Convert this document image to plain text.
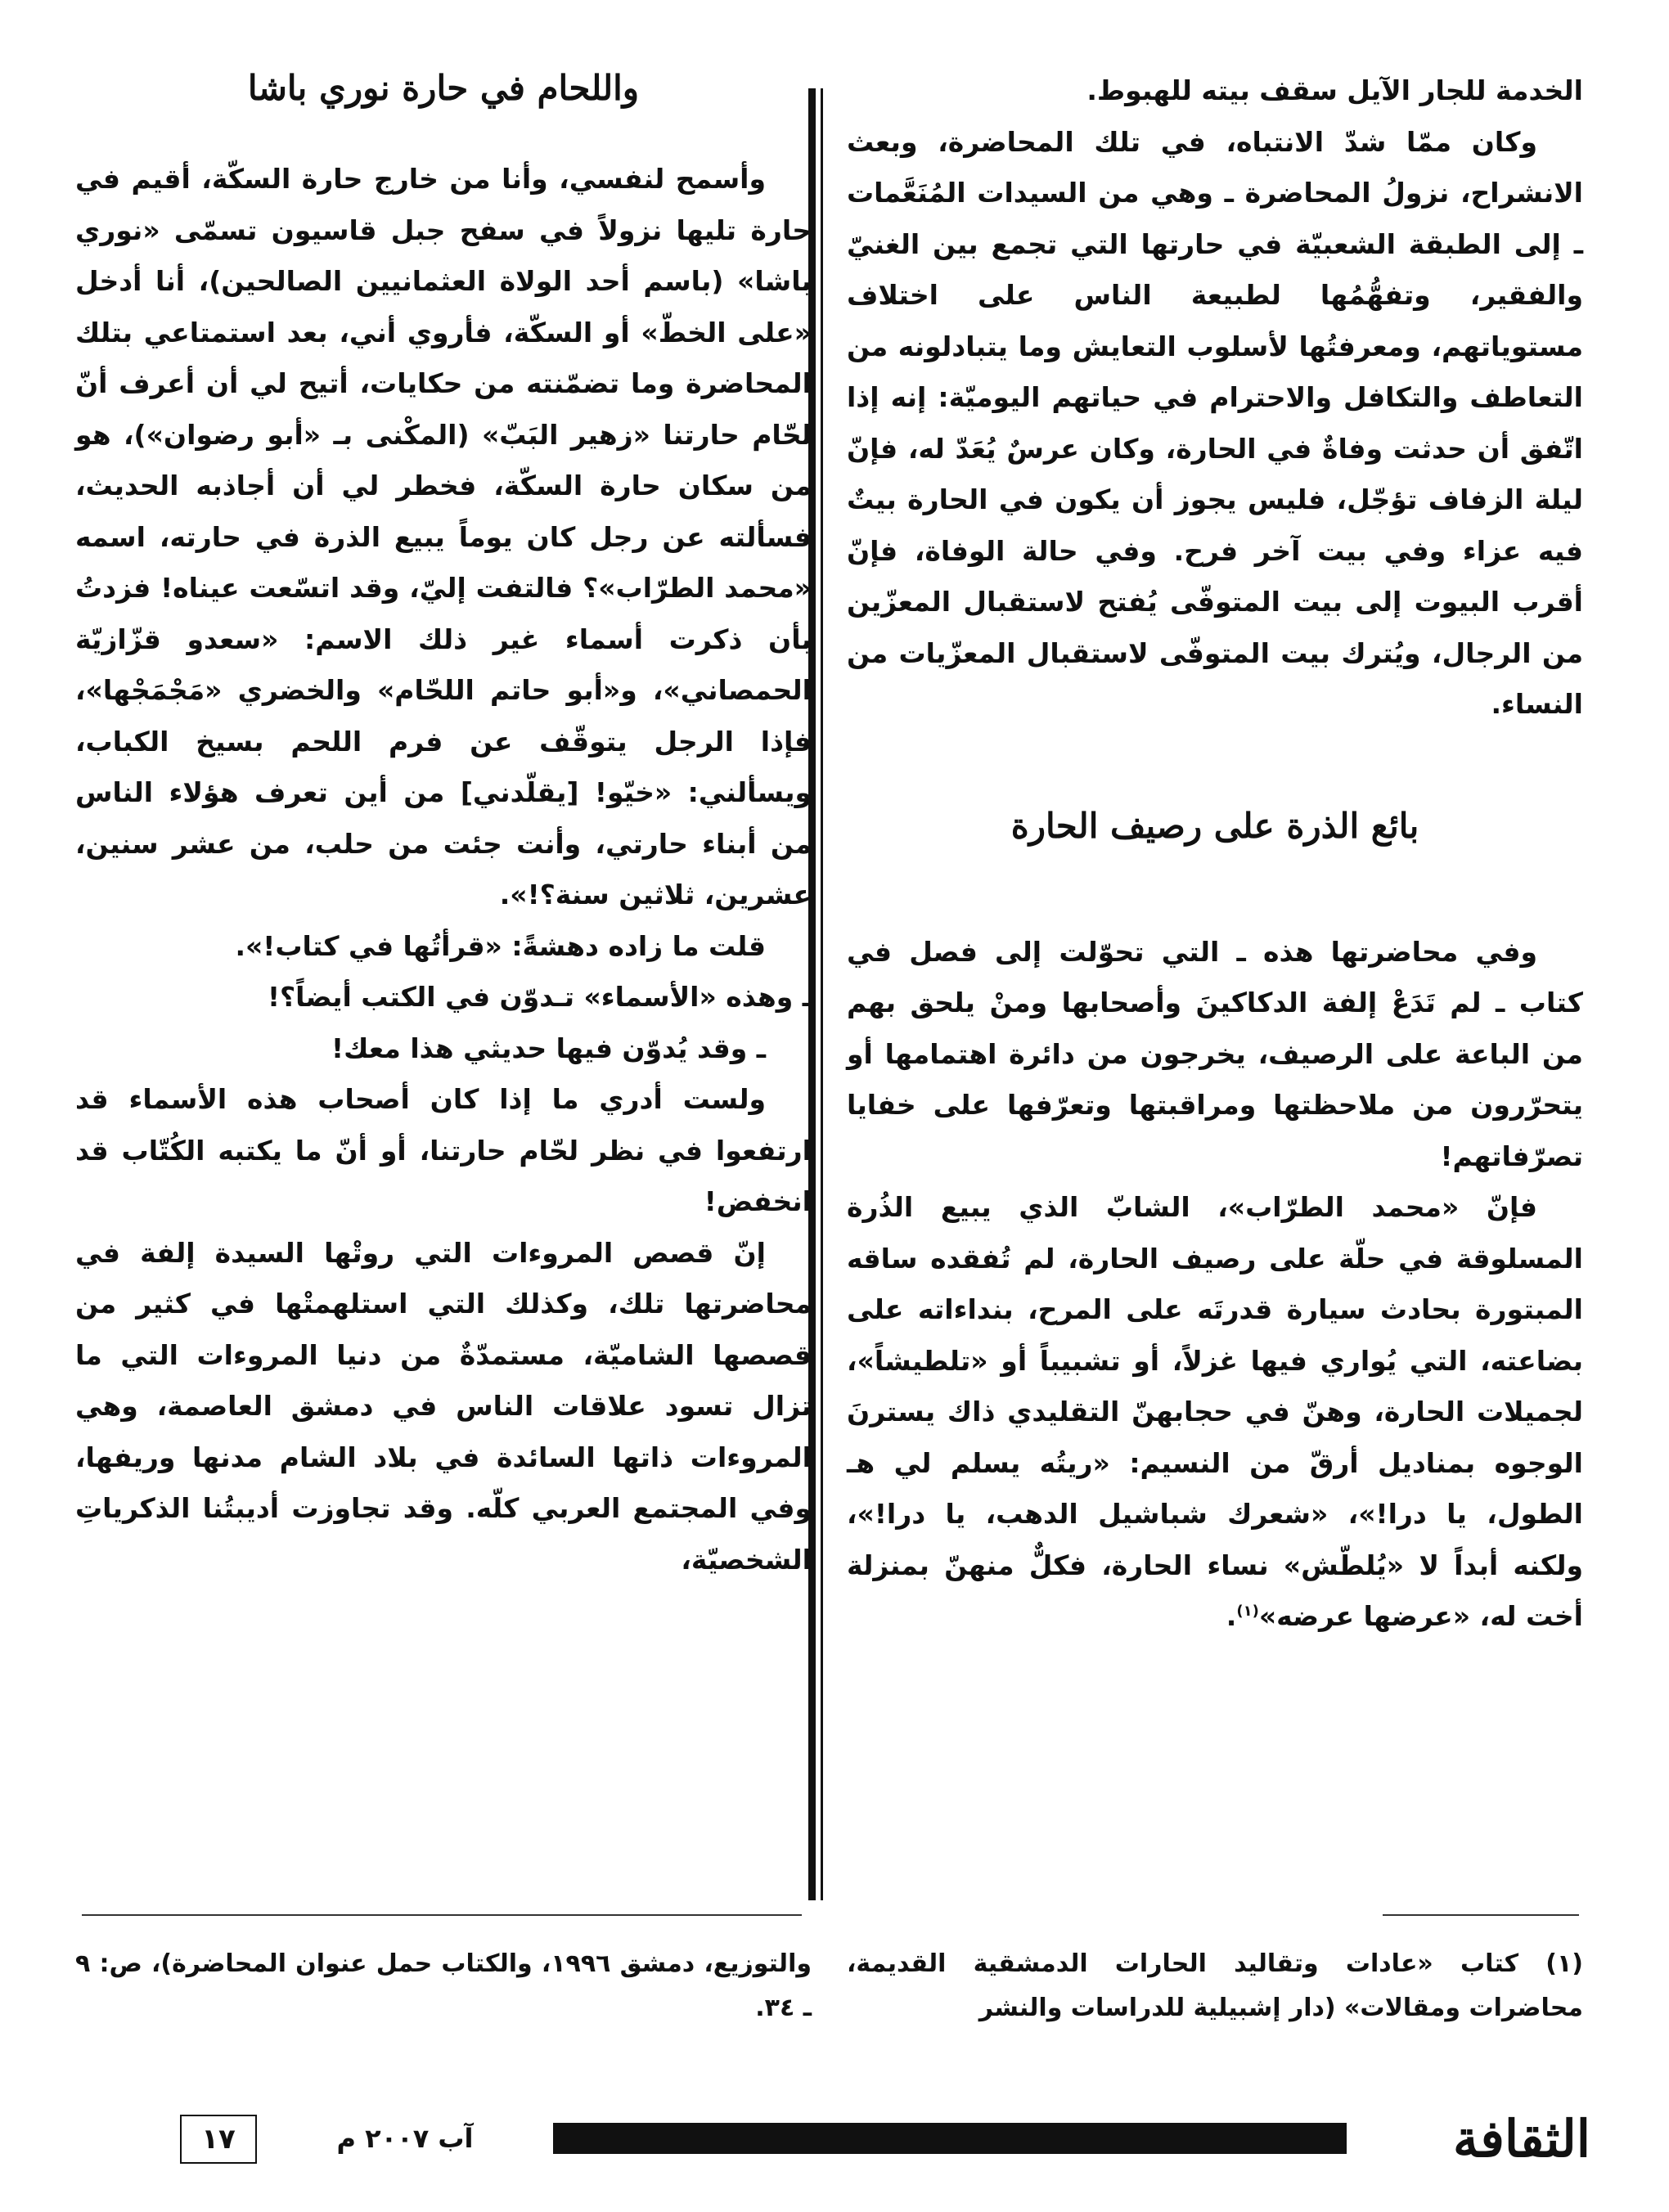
الخدمة للجار الآيل سقف بيته للهبوط.

وكان ممّا شدّ الانتباه، في تلك المحاضرة، وبعث الانشراح، نزولُ المحاضرة ـ وهي من السيدات المُنَعَّمات ـ إلى الطبقة الشعبيّة في حارتها التي تجمع بين الغنيّ والفقير، وتفهُّمُها لطبيعة الناس على اختلاف مستوياتهم، ومعرفتُها لأسلوب التعايش وما يتبادلونه من التعاطف والتكافل والاحترام في حياتهم اليوميّة: إنه إذا اتّفق أن حدثت وفاةٌ في الحارة، وكان عرسٌ يُعَدّ له، فإنّ ليلة الزفاف تؤجّل، فليس يجوز أن يكون في الحارة بيتٌ فيه عزاء وفي بيت آخر فرح. وفي حالة الوفاة، فإنّ أقرب البيوت إلى بيت المتوفّى يُفتح لاستقبال المعزّين من الرجال، ويُترك بيت المتوفّى لاستقبال المعزّيات من النساء.

بائع الذرة على رصيف الحارة

وفي محاضرتها هذه ـ التي تحوّلت إلى فصل في كتاب ـ لم تَدَعْ إلفة الدكاكينَ وأصحابها ومنْ يلحق بهم من الباعة على الرصيف، يخرجون من دائرة اهتمامها أو يتحرّرون من ملاحظتها ومراقبتها وتعرّفها على خفايا تصرّفاتهم!

فإنّ «محمد الطرّاب»، الشابّ الذي يبيع الذُرة المسلوقة في حلّة على رصيف الحارة، لم تُفقده ساقه المبتورة بحادث سيارة قدرتَه على المرح، بنداءاته على بضاعته، التي يُواري فيها غزلاً، أو تشبيباً أو «تلطيشاً»، لجميلات الحارة، وهنّ في حجابهنّ التقليدي ذاك يسترنَ الوجوه بمناديل أرقّ من النسيم: «ريتُه يسلم لي هـ الطول، يا درا!»، «شعرك شباشيل الدهب، يا درا!»، ولكنه أبداً لا «يُلطّش» نساء الحارة، فكلٌّ منهنّ بمنزلة أخت له، «عرضها عرضه»$^{(١)}$.

واللحام في حارة نوري باشا

وأسمح لنفسي، وأنا من خارج حارة السكّة، أقيم في حارة تليها نزولاً في سفح جبل قاسيون تسمّى «نوري باشا» (باسم أحد الولاة العثمانيين الصالحين)، أنا أدخل «على الخطّ» أو السكّة، فأروي أني، بعد استمتاعي بتلك المحاضرة وما تضمّنته من حكايات، أتيح لي أن أعرف أنّ لحّام حارتنا «زهير البَبّ» (المكْنى بـ «أبو رضوان»)، هو من سكان حارة السكّة، فخطر لي أن أجاذبه الحديث، فسألته عن رجل كان يوماً يبيع الذرة في حارته، اسمه «محمد الطرّاب»؟ فالتفت إليّ، وقد اتسّعت عيناه! فزدتُ بأن ذكرت أسماء غير ذلك الاسم: «سعدو قزّازيّة الحمصاني»، و«أبو حاتم اللحّام» والخضري «مَجْمَجْها»، فإذا الرجل يتوقّف عن فرم اللحم بسيخ الكباب، ويسألني: «خيّو! [يقلّدني] من أين تعرف هؤلاء الناس من أبناء حارتي، وأنت جئت من حلب، من عشر سنين، عشرين، ثلاثين سنة؟!».

قلت ما زاده دهشةً: «قرأتُها في كتاب!».

ـ وهذه «الأسماء» تـدوّن في الكتب أيضاً؟!

ـ وقد يُدوّن فيها حديثي هذا معك!

ولست أدري ما إذا كان أصحاب هذه الأسماء قد ارتفعوا في نظر لحّام حارتنا، أو أنّ ما يكتبه الكُتّاب قد انخفض!

إنّ قصص المروءات التي روتْها السيدة إلفة في محاضرتها تلك، وكذلك التي استلهمتْها في كثير من قصصها الشاميّة، مستمدّةٌ من دنيا المروءات التي ما تزال تسود علاقات الناس في دمشق العاصمة، وهي المروءات ذاتها السائدة في بلاد الشام مدنها وريفها، وفي المجتمع العربي كلّه. وقد تجاوزت أديبتُنا الذكرياتِ الشخصيّة،

(١) كتاب «عادات وتقاليد الحارات الدمشقية القديمة، محاضرات ومقالات» (دار إشبيلية للدراسات والنشر

والتوزيع، دمشق ١٩٩٦، والكتاب حمل عنوان المحاضرة)، ص: ٩ ـ ٣٤.

الثقافة
آب ٢٠٠٧ م
١٧
